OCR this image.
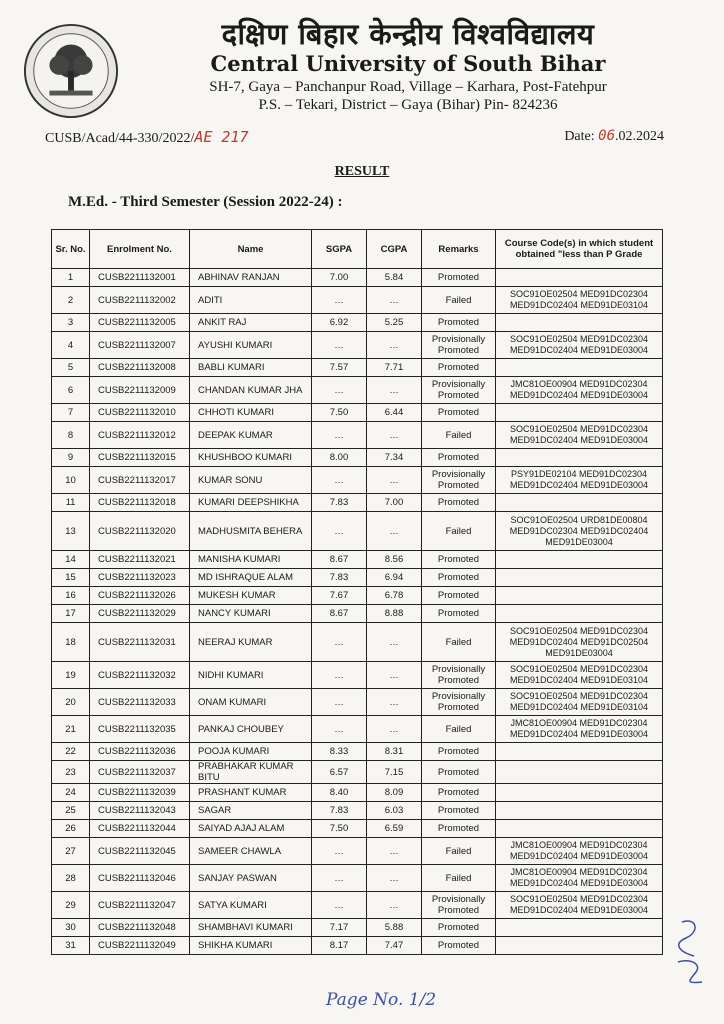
दक्षिण बिहार केन्द्रीय विश्वविद्यालय
Central University of South Bihar
SH-7, Gaya – Panchanpur Road, Village – Karhara, Post-Fatehpur
P.S. – Tekari, District – Gaya (Bihar) Pin- 824236
CUSB/Acad/44-330/2022/AE 217	Date: 06.02.2024
RESULT
M.Ed. - Third Semester (Session 2022-24) :
Sr. No.	Enrolment No.	Name	SGPA	CGPA	Remarks	Course Code(s) in which student obtained "less than P Grade
1	CUSB2211132001	ABHINAV RANJAN	7.00	5.84	Promoted	
2	CUSB2211132002	ADITI	…	…	Failed	SOC91OE02504 MED91DC02304 MED91DC02404 MED91DE03104
3	CUSB2211132005	ANKIT RAJ	6.92	5.25	Promoted	
4	CUSB2211132007	AYUSHI KUMARI	…	…	Provisionally Promoted	SOC91OE02504 MED91DC02304 MED91DC02404 MED91DE03004
5	CUSB2211132008	BABLI KUMARI	7.57	7.71	Promoted	
6	CUSB2211132009	CHANDAN KUMAR JHA	…	…	Provisionally Promoted	JMC81OE00904 MED91DC02304 MED91DC02404 MED91DE03004
7	CUSB2211132010	CHHOTI KUMARI	7.50	6.44	Promoted	
8	CUSB2211132012	DEEPAK KUMAR	…	…	Failed	SOC91OE02504 MED91DC02304 MED91DC02404 MED91DE03004
9	CUSB2211132015	KHUSHBOO KUMARI	8.00	7.34	Promoted	
10	CUSB2211132017	KUMAR SONU	…	…	Provisionally Promoted	PSY91DE02104 MED91DC02304 MED91DC02404 MED91DE03004
11	CUSB2211132018	KUMARI DEEPSHIKHA	7.83	7.00	Promoted	
13	CUSB2211132020	MADHUSMITA BEHERA	…	…	Failed	SOC91OE02504 URD81DE00804 MED91DC02304 MED91DC02404 MED91DE03004
14	CUSB2211132021	MANISHA KUMARI	8.67	8.56	Promoted	
15	CUSB2211132023	MD ISHRAQUE ALAM	7.83	6.94	Promoted	
16	CUSB2211132026	MUKESH KUMAR	7.67	6.78	Promoted	
17	CUSB2211132029	NANCY KUMARI	8.67	8.88	Promoted	
18	CUSB2211132031	NEERAJ KUMAR	…	…	Failed	SOC91OE02504 MED91DC02304 MED91DC02404 MED91DC02504 MED91DE03004
19	CUSB2211132032	NIDHI KUMARI	…	…	Provisionally Promoted	SOC91OE02504 MED91DC02304 MED91DC02404 MED91DE03104
20	CUSB2211132033	ONAM KUMARI	…	…	Provisionally Promoted	SOC91OE02504 MED91DC02304 MED91DC02404 MED91DE03104
21	CUSB2211132035	PANKAJ CHOUBEY	…	…	Failed	JMC81OE00904 MED91DC02304 MED91DC02404 MED91DE03004
22	CUSB2211132036	POOJA KUMARI	8.33	8.31	Promoted	
23	CUSB2211132037	PRABHAKAR KUMAR BITU	6.57	7.15	Promoted	
24	CUSB2211132039	PRASHANT KUMAR	8.40	8.09	Promoted	
25	CUSB2211132043	SAGAR	7.83	6.03	Promoted	
26	CUSB2211132044	SAIYAD AJAJ ALAM	7.50	6.59	Promoted	
27	CUSB2211132045	SAMEER CHAWLA	…	…	Failed	JMC81OE00904 MED91DC02304 MED91DC02404 MED91DE03004
28	CUSB2211132046	SANJAY PASWAN	…	…	Failed	JMC81OE00904 MED91DC02304 MED91DC02404 MED91DE03004
29	CUSB2211132047	SATYA KUMARI	…	…	Provisionally Promoted	SOC91OE02504 MED91DC02304 MED91DC02404 MED91DE03004
30	CUSB2211132048	SHAMBHAVI KUMARI	7.17	5.88	Promoted	
31	CUSB2211132049	SHIKHA KUMARI	8.17	7.47	Promoted	
Page No. 1/2
